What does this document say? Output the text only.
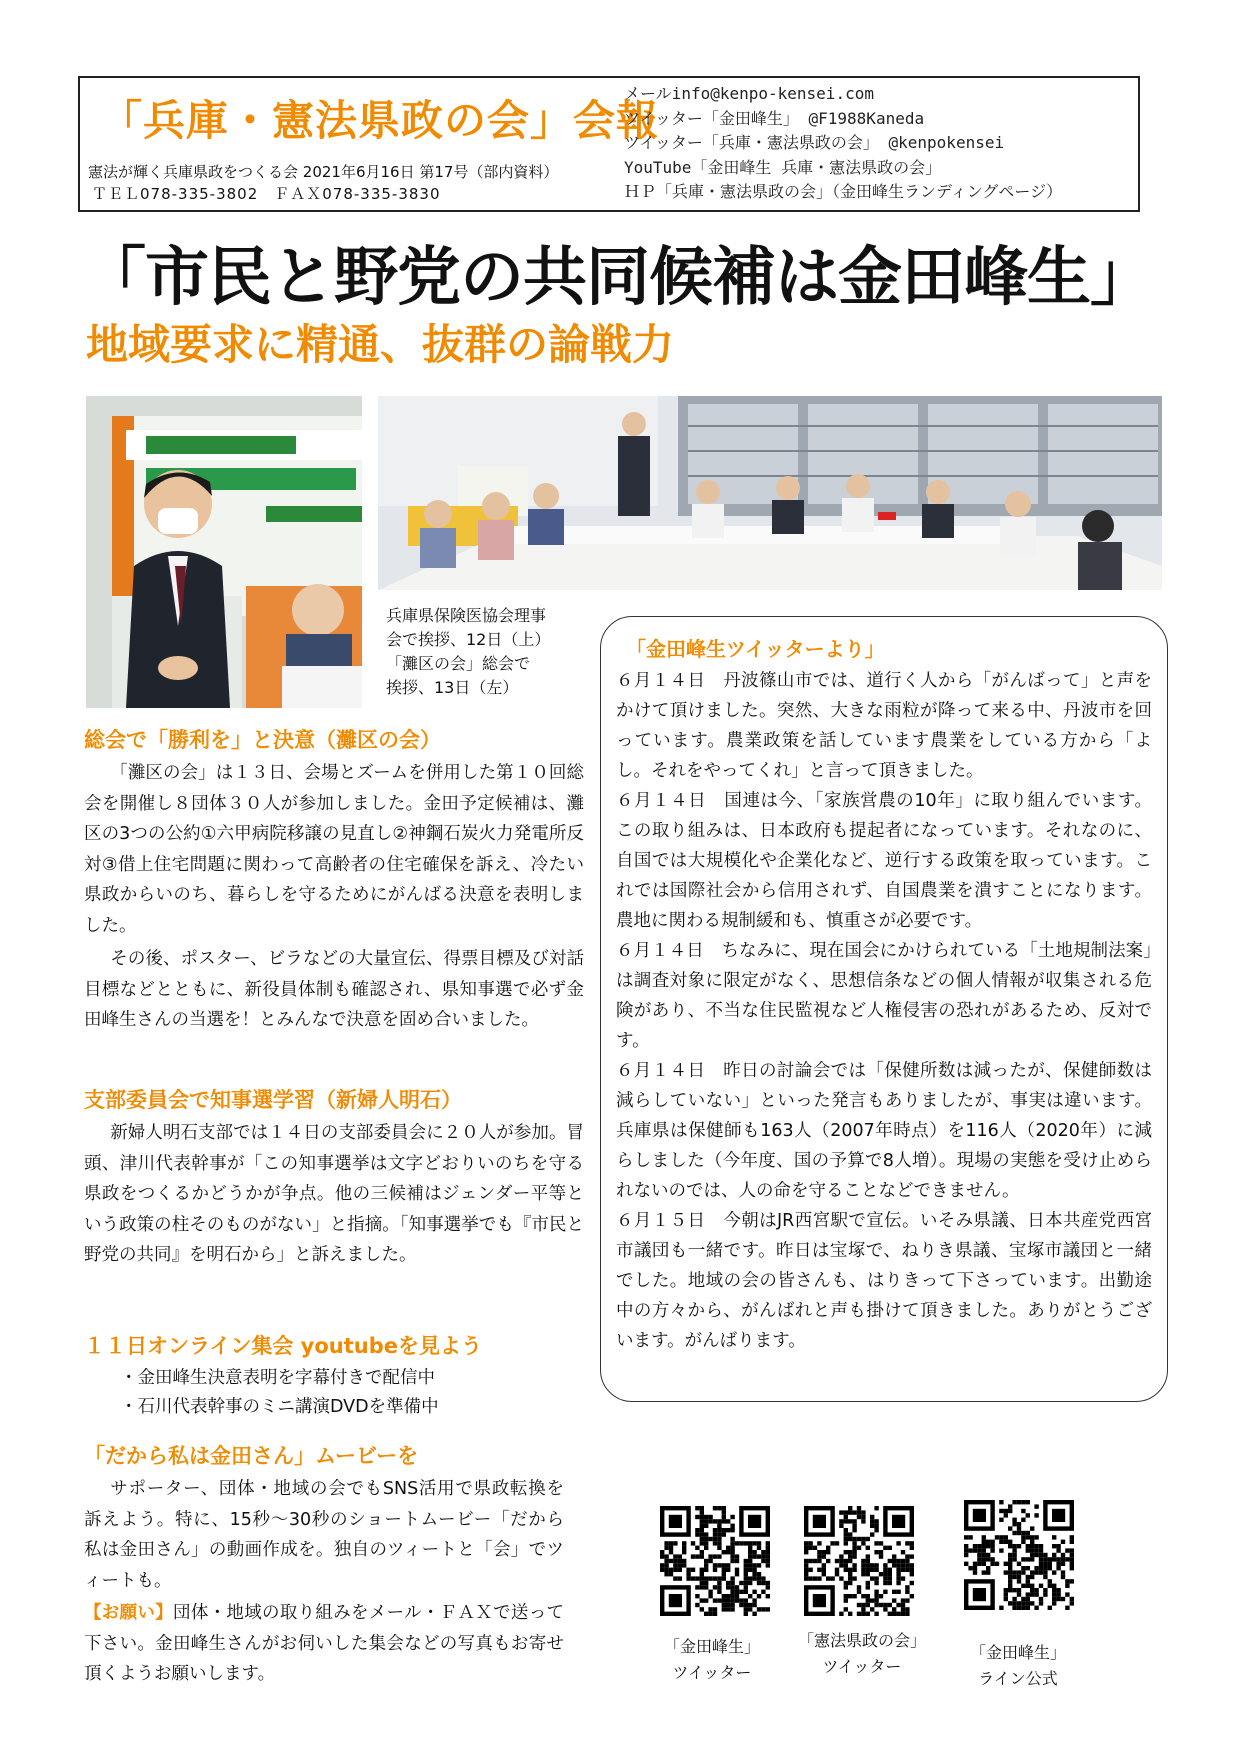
「兵庫・憲法県政の会」会報
憲法が輝く兵庫県政をつくる会 2021年6月16日 第17号（部内資料）
ＴＥＬ078-335-3802　ＦＡＸ078-335-3830
メールinfo@kenpo-kensei.com
ツイッター「金田峰生」 @F1988Kaneda
ツイッター「兵庫・憲法県政の会」 @kenpokensei
YouTube「金田峰生 兵庫・憲法県政の会」
ＨＰ「兵庫・憲法県政の会」（金田峰生ランディングページ）
「市民と野党の共同候補は金田峰生」
地域要求に精通、抜群の論戦力
兵庫県保険医協会理事
会で挨拶、12日（上）
「灘区の会」総会で
挨拶、13日（左）
総会で「勝利を」と決意（灘区の会）
「灘区の会」は１３日、会場とズームを併用した第１０回総会を開催し８団体３０人が参加しました。金田予定候補は、灘区の3つの公約①六甲病院移譲の見直し②神鋼石炭火力発電所反対③借上住宅問題に関わって高齢者の住宅確保を訴え、冷たい県政からいのち、暮らしを守るためにがんばる決意を表明しました。
その後、ポスター、ビラなどの大量宣伝、得票目標及び対話目標などとともに、新役員体制も確認され、県知事選で必ず金田峰生さんの当選を！とみんなで決意を固め合いました。
支部委員会で知事選学習（新婦人明石）
新婦人明石支部では１４日の支部委員会に２０人が参加。冒頭、津川代表幹事が「この知事選挙は文字どおりいのちを守る県政をつくるかどうかが争点。他の三候補はジェンダー平等という政策の柱そのものがない」と指摘。「知事選挙でも『市民と野党の共同』を明石から」と訴えました。
１１日オンライン集会 youtubeを見よう
・金田峰生決意表明を字幕付きで配信中
・石川代表幹事のミニ講演DVDを準備中
「だから私は金田さん」ムービーを
サポーター、団体・地域の会でもSNS活用で県政転換を訴えよう。特に、15秒～30秒のショートムービー「だから私は金田さん」の動画作成を。独自のツィートと「会」でツィートも。
【お願い】団体・地域の取り組みをメール・ＦＡＸで送って下さい。金田峰生さんがお伺いした集会などの写真もお寄せ頂くようお願いします。
「金田峰生ツイッターより」
６月１４日　 丹波篠山市では、道行く人から「がんばって」と声をかけて頂けました。突然、大きな雨粒が降って来る中、丹波市を回っています。農業政策を話しています農業をしている方から「よし。それをやってくれ」と言って頂きました。
６月１４日　 国連は今、「家族営農の10年」に取り組んでいます。この取り組みは、日本政府も提起者になっています。それなのに、自国では大規模化や企業化など、逆行する政策を取っています。これでは国際社会から信用されず、自国農業を潰すことになります。農地に関わる規制緩和も、慎重さが必要です。
６月１４日　 ちなみに、現在国会にかけられている「土地規制法案」は調査対象に限定がなく、思想信条などの個人情報が収集される危険があり、不当な住民監視など人権侵害の恐れがあるため、反対です。
６月１４日　 昨日の討論会では「保健所数は減ったが、保健師数は減らしていない」といった発言もありましたが、事実は違います。兵庫県は保健師も163人（2007年時点）を116人（2020年）に減らしました（今年度、国の予算で8人増）。現場の実態を受け止められないのでは、人の命を守ることなどできません。
６月１５日　 今朝はJR西宮駅で宣伝。いそみ県議、日本共産党西宮市議団も一緒です。昨日は宝塚で、ねりき県議、宝塚市議団と一緒でした。地域の会の皆さんも、はりきって下さっています。出勤途中の方々から、がんばれと声も掛けて頂きました。ありがとうございます。がんばります。
「金田峰生」
ツイッター
「憲法県政の会」
ツイッター
「金田峰生」
ライン公式
